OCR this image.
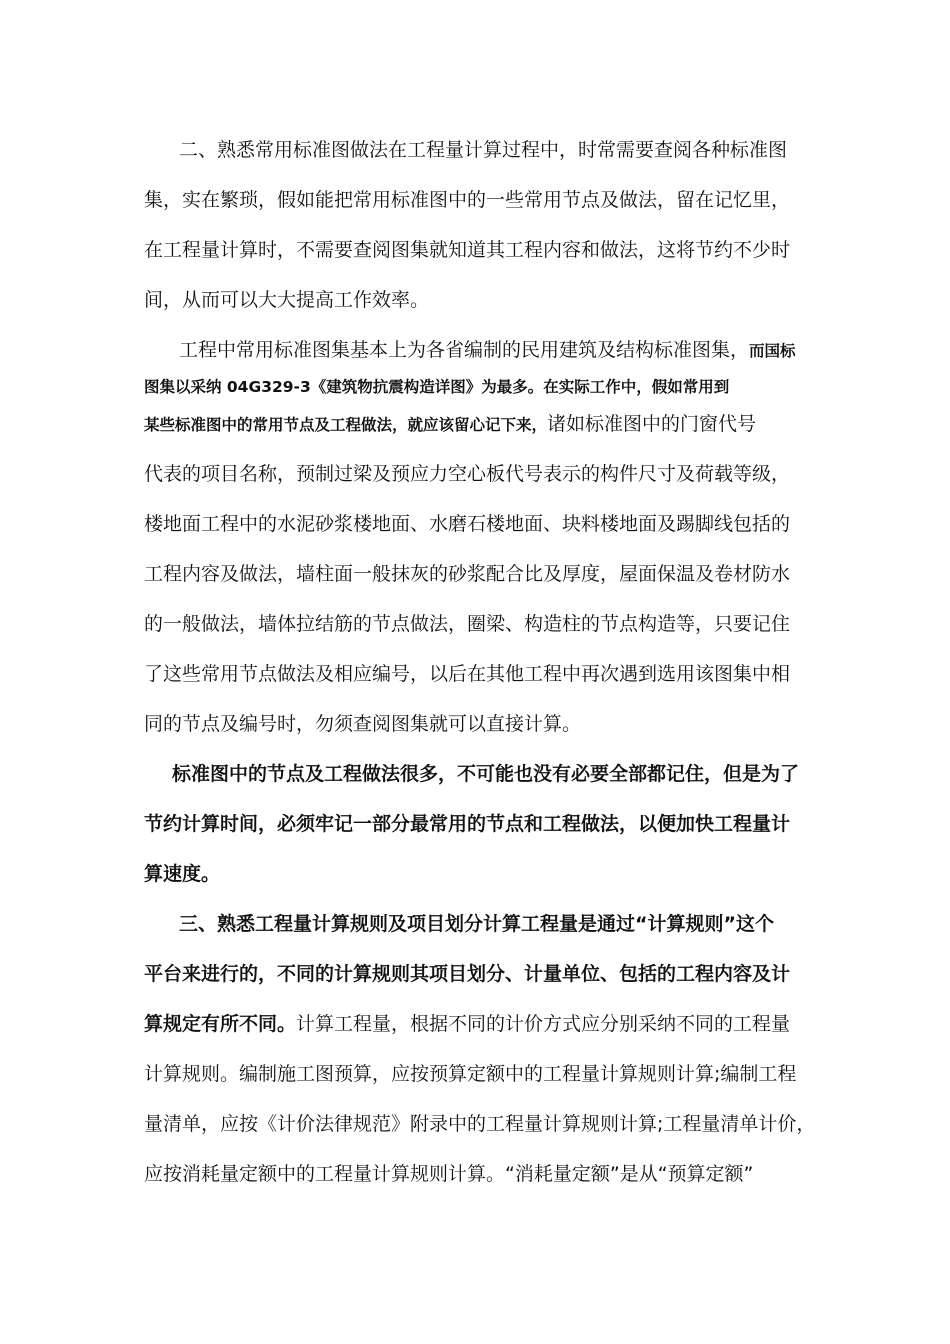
二、熟悉常用标准图做法在工程量计算过程中，时常需要查阅各种标准图

集，实在繁琐，假如能把常用标准图中的一些常用节点及做法，留在记忆里，

在工程量计算时，不需要查阅图集就知道其工程内容和做法，这将节约不少时

间，从而可以大大提高工作效率。

工程中常用标准图集基本上为各省编制的民用建筑及结构标准图集，而国标

图集以采纳 04G329-3《建筑物抗震构造详图》为最多。在实际工作中，假如常用到

某些标准图中的常用节点及工程做法，就应该留心记下来，诸如标准图中的门窗代号

代表的项目名称，预制过梁及预应力空心板代号表示的构件尺寸及荷载等级，

楼地面工程中的水泥砂浆楼地面、水磨石楼地面、块料楼地面及踢脚线包括的

工程内容及做法，墙柱面一般抹灰的砂浆配合比及厚度，屋面保温及卷材防水

的一般做法，墙体拉结筋的节点做法，圈梁、构造柱的节点构造等，只要记住

了这些常用节点做法及相应编号，以后在其他工程中再次遇到选用该图集中相

同的节点及编号时，勿须查阅图集就可以直接计算。

标准图中的节点及工程做法很多，不可能也没有必要全部都记住，但是为了

节约计算时间，必须牢记一部分最常用的节点和工程做法，以便加快工程量计

算速度。

三、熟悉工程量计算规则及项目划分计算工程量是通过“计算规则”这个

平台来进行的，不同的计算规则其项目划分、计量单位、包括的工程内容及计

算规定有所不同。计算工程量，根据不同的计价方式应分别采纳不同的工程量

计算规则。编制施工图预算，应按预算定额中的工程量计算规则计算;编制工程

量清单，应按《计价法律规范》附录中的工程量计算规则计算;工程量清单计价，

应按消耗量定额中的工程量计算规则计算。“消耗量定额”是从“预算定额”
